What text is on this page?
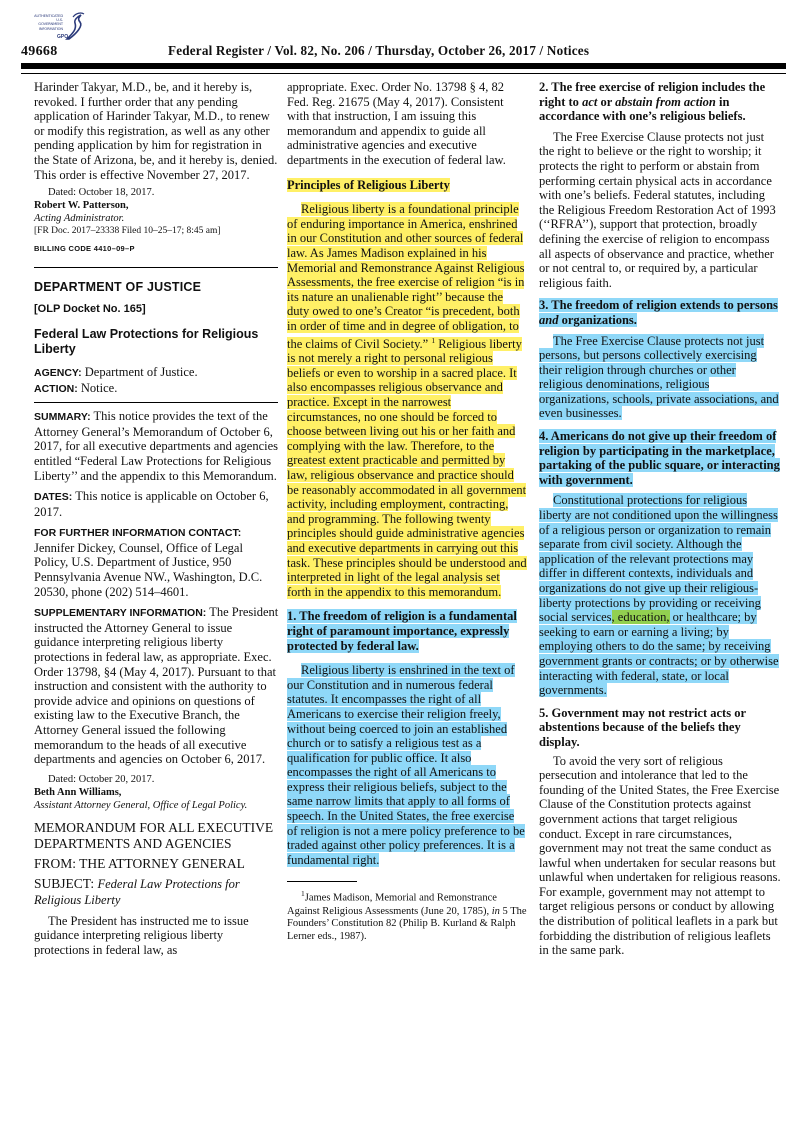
AUTHENTICATED
U.S. GOVERNMENT
INFORMATION
GPO
49668	Federal Register / Vol. 82, No. 206 / Thursday, October 26, 2017 / Notices

Harinder Takyar, M.D., be, and it hereby is, revoked. I further order that any pending application of Harinder Takyar, M.D., to renew or modify this registration, as well as any other pending application by him for registration in the State of Arizona, be, and it hereby is, denied. This order is effective November 27, 2017.

Dated: October 18, 2017.

Robert W. Patterson,

Acting Administrator.

[FR Doc. 2017–23338 Filed 10–25–17; 8:45 am]

BILLING CODE 4410–09–P

DEPARTMENT OF JUSTICE

[OLP Docket No. 165]

Federal Law Protections for Religious Liberty

AGENCY: Department of Justice.

ACTION: Notice.

SUMMARY: This notice provides the text of the Attorney General’s Memorandum of October 6, 2017, for all executive departments and agencies entitled “Federal Law Protections for Religious Liberty’’ and the appendix to this Memorandum.

DATES: This notice is applicable on October 6, 2017.

FOR FURTHER INFORMATION CONTACT:
Jennifer Dickey, Counsel, Office of Legal Policy, U.S. Department of Justice, 950 Pennsylvania Avenue NW., Washington, D.C. 20530, phone (202) 514–4601.

SUPPLEMENTARY INFORMATION: The President instructed the Attorney General to issue guidance interpreting religious liberty protections in federal law, as appropriate. Exec. Order 13798, §4 (May 4, 2017). Pursuant to that instruction and consistent with the authority to provide advice and opinions on questions of existing law to the Executive Branch, the Attorney General issued the following memorandum to the heads of all executive departments and agencies on October 6, 2017.

Dated: October 20, 2017.

Beth Ann Williams,

Assistant Attorney General, Office of Legal Policy.

MEMORANDUM FOR ALL EXECUTIVE DEPARTMENTS AND AGENCIES

FROM: THE ATTORNEY GENERAL

SUBJECT: Federal Law Protections for Religious Liberty

The President has instructed me to issue guidance interpreting religious liberty protections in federal law, as

appropriate. Exec. Order No. 13798 § 4, 82 Fed. Reg. 21675 (May 4, 2017). Consistent with that instruction, I am issuing this memorandum and appendix to guide all administrative agencies and executive departments in the execution of federal law.

Principles of Religious Liberty

Religious liberty is a foundational principle of enduring importance in America, enshrined in our Constitution and other sources of federal law. As James Madison explained in his Memorial and Remonstrance Against Religious Assessments, the free exercise of religion “is in its nature an unalienable right’’ because the duty owed to one’s Creator “is precedent, both in order of time and in degree of obligation, to the claims of Civil Society.” $^1$ Religious liberty is not merely a right to personal religious beliefs or even to worship in a sacred place. It also encompasses religious observance and practice. Except in the narrowest circumstances, no one should be forced to choose between living out his or her faith and complying with the law. Therefore, to the greatest extent practicable and permitted by law, religious observance and practice should be reasonably accommodated in all government activity, including employment, contracting, and programming. The following twenty principles should guide administrative agencies and executive departments in carrying out this task. These principles should be understood and interpreted in light of the legal analysis set forth in the appendix to this memorandum.

1. The freedom of religion is a fundamental right of paramount importance, expressly protected by federal law.

Religious liberty is enshrined in the text of our Constitution and in numerous federal statutes. It encompasses the right of all Americans to exercise their religion freely, without being coerced to join an established church or to satisfy a religious test as a qualification for public office. It also encompasses the right of all Americans to express their religious beliefs, subject to the same narrow limits that apply to all forms of speech. In the United States, the free exercise of religion is not a mere policy preference to be traded against other policy preferences. It is a fundamental right.

$^1$James Madison, Memorial and Remonstrance Against Religious Assessments (June 20, 1785), in 5 The Founders’ Constitution 82 (Philip B. Kurland & Ralph Lerner eds., 1987).

2. The free exercise of religion includes the right to act or abstain from action in accordance with one’s religious beliefs.

The Free Exercise Clause protects not just the right to believe or the right to worship; it protects the right to perform or abstain from performing certain physical acts in accordance with one’s beliefs. Federal statutes, including the Religious Freedom Restoration Act of 1993 (‘‘RFRA’’), support that protection, broadly defining the exercise of religion to encompass all aspects of observance and practice, whether or not central to, or required by, a particular religious faith.

3. The freedom of religion extends to persons and organizations.

The Free Exercise Clause protects not just persons, but persons collectively exercising their religion through churches or other religious denominations, religious organizations, schools, private associations, and even businesses.

4. Americans do not give up their freedom of religion by participating in the marketplace, partaking of the public square, or interacting with government.

Constitutional protections for religious liberty are not conditioned upon the willingness of a religious person or organization to remain separate from civil society. Although the application of the relevant protections may differ in different contexts, individuals and organizations do not give up their religious-liberty protections by providing or receiving social services, education, or healthcare; by seeking to earn or earning a living; by employing others to do the same; by receiving government grants or contracts; or by otherwise interacting with federal, state, or local governments.

5. Government may not restrict acts or abstentions because of the beliefs they display.

To avoid the very sort of religious persecution and intolerance that led to the founding of the United States, the Free Exercise Clause of the Constitution protects against government actions that target religious conduct. Except in rare circumstances, government may not treat the same conduct as lawful when undertaken for secular reasons but unlawful when undertaken for religious reasons. For example, government may not attempt to target religious persons or conduct by allowing the distribution of political leaflets in a park but forbidding the distribution of religious leaflets in the same park.
